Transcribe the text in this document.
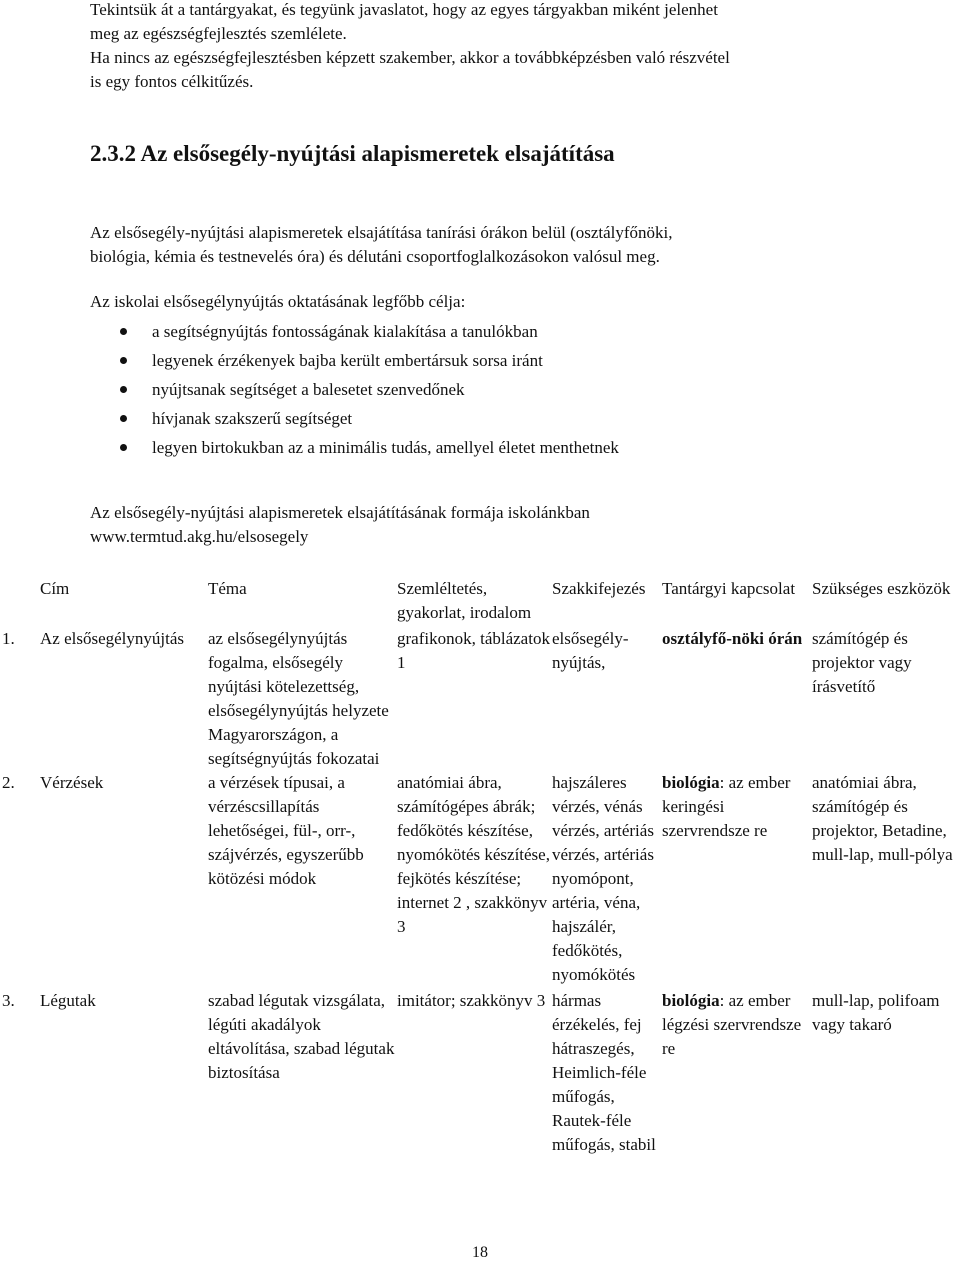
Tekintsük át a tantárgyakat, és tegyünk javaslatot, hogy az egyes tárgyakban miként jelenhet

meg az egészségfejlesztés szemlélete.

Ha nincs az egészségfejlesztésben képzett szakember, akkor a továbbképzésben való részvétel

is egy fontos célkitűzés.

2.3.2 Az elsősegély-nyújtási alapismeretek elsajátítása

Az elsősegély-nyújtási alapismeretek elsajátítása tanírási órákon belül (osztályfőnöki,

biológia, kémia és testnevelés óra) és délutáni csoportfoglalkozásokon valósul meg.

Az iskolai elsősegélynyújtás oktatásának legfőbb célja:
a segítségnyújtás fontosságának kialakítása a tanulókban
legyenek érzékenyek bajba került embertársuk sorsa iránt
nyújtsanak segítséget a balesetet szenvedőnek
hívjanak szakszerű segítséget
legyen birtokukban az a minimális tudás, amellyel életet menthetnek

Az elsősegély-nyújtási alapismeretek elsajátításának formája iskolánkban

www.termtud.akg.hu/elsosegely

	Cím	Téma	Szemléltetés, gyakorlat, irodalom	Szakkifejezés	Tantárgyi kapcsolat	Szükséges eszközök
1.	Az elsősegélynyújtás	az elsősegélynyújtás fogalma, elsősegély nyújtási kötelezettség, elsősegélynyújtás helyzete Magyarországon, a segítségnyújtás fokozatai	grafikonok, táblázatok 1	elsősegély-nyújtás,	osztályfő-nöki órán	számítógép és projektor vagy írásvetítő
2.	Vérzések	a vérzések típusai, a vérzéscsillapítás lehetőségei, fül-, orr-, szájvérzés, egyszerűbb kötözési módok	anatómiai ábra, számítógépes ábrák; fedőkötés készítése, nyomókötés készítése, fejkötés készítése; internet 2 , szakkönyv 3	hajszáleres vérzés, vénás vérzés, artériás vérzés, artériás nyomópont, artéria, véna, hajszálér, fedőkötés, nyomókötés	biológia: az ember keringési szervrendsze re	anatómiai ábra, számítógép és projektor, Betadine, mull-lap, mull-pólya
3.	Légutak	szabad légutak vizsgálata, légúti akadályok eltávolítása, szabad légutak biztosítása	imitátor; szakkönyv 3	hármas érzékelés, fej hátraszegés, Heimlich-féle műfogás, Rautek-féle műfogás, stabil	biológia: az ember légzési szervrendsze re	mull-lap, polifoam vagy takaró
18
